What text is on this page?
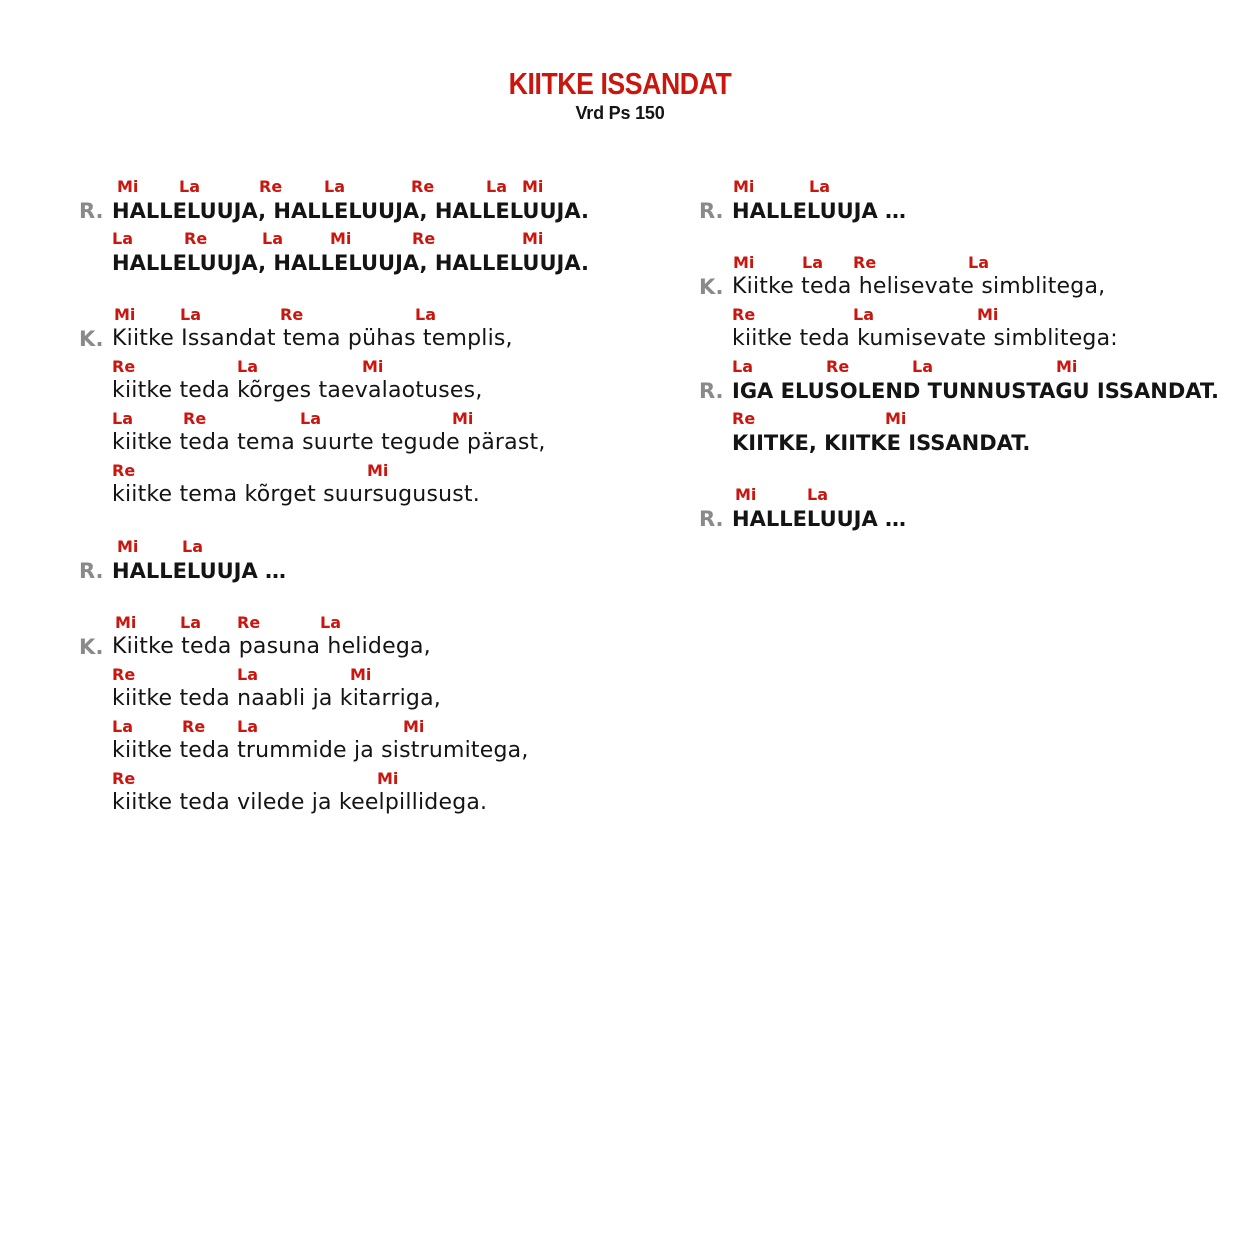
KIITKE ISSANDAT
Vrd Ps 150
Mi	La	Re	La	Re	La Mi
R. HALLELUUJA, HALLELUUJA, HALLELUUJA.
La	Re	La	Mi	Re	Mi
HALLELUUJA, HALLELUUJA, HALLELUUJA.
Mi	La	Re	La
K. Kiitke Issandat tema pühas templis,
Re	La	Mi
kiitke teda kõrges taevalaotuses,
La	Re	La	Mi
kiitke teda tema suurte tegude pärast,
Re	Mi
kiitke tema kõrget suursugusust.
Mi	La
R. HALLELUUJA …
Mi	La Re	La
K. Kiitke teda pasuna helidega,
Re	La	Mi
kiitke teda naabli ja kitarriga,
La	Re La	Mi
kiitke teda trummide ja sistrumitega,
Re	Mi
kiitke teda vilede ja keelpillidega.
Mi	La
R. HALLELUUJA …
Mi	La Re	La
K. Kiitke teda helisevate simblitega,
Re	La	Mi
kiitke teda kumisevate simblitega:
La	Re	La	Mi
R. IGA ELUSOLEND TUNNUSTAGU ISSANDAT.
Re	Mi
KIITKE, KIITKE ISSANDAT.
Mi	La
R. HALLELUUJA …
